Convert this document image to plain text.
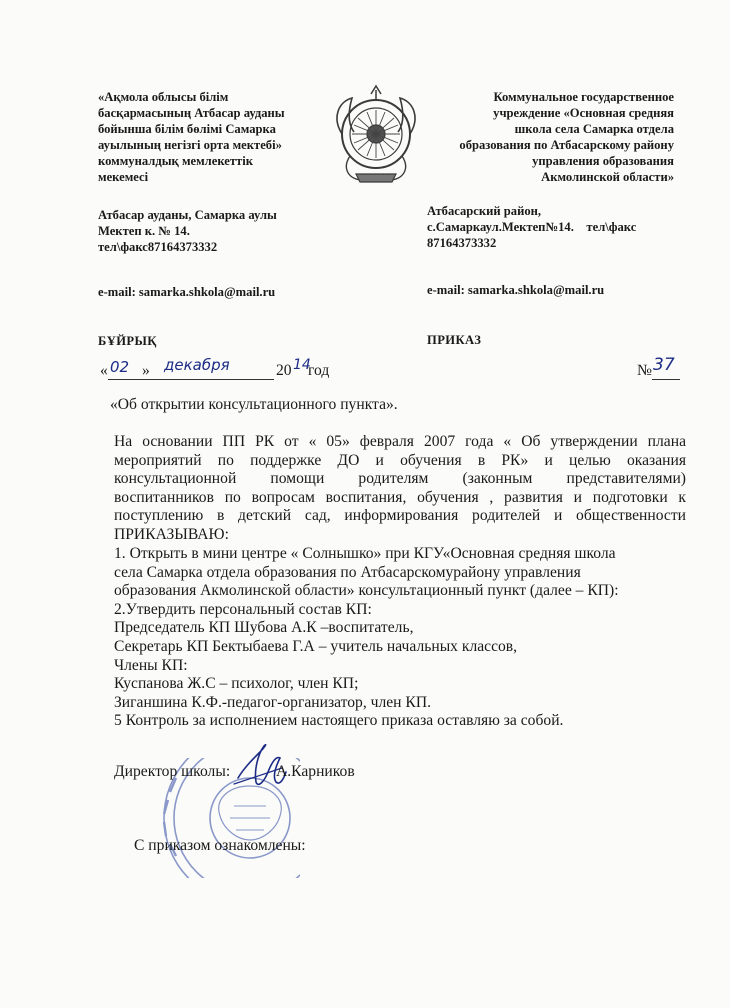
«Ақмола облысы білім
басқармасының Атбасар ауданы
бойынша білім бөлімі Самарка
ауылының негізгі орта мектебі»
коммуналдық мемлекеттік
мекемесі
Коммунальное государственное
учреждение «Основная средняя
школа села Самарка отдела
образования по Атбасарскому району
управления образования
Акмолинской области»
Атбасар ауданы, Самарка аулы
Мектеп к. № 14.
тел\факс87164373332
Атбасарский район,
с.Самаркаул.Мектеп№14.    тел\факс
87164373332
e-mail: samarka.shkola@mail.ru	e-mail: samarka.shkola@mail.ru
БҰЙРЫҚ	ПРИКАЗ
« 02 » декабря	20 14
год	№ 37
«Об открытии консультационного пункта».
На основании ПП РК от « 05» февраля 2007 года « Об утверждении плана
мероприятий по поддержке ДО и обучения в РК» и целью оказания
консультационной помощи родителям (законным представителями)
воспитанников по вопросам воспитания, обучения , развития и подготовки к
поступлению в детский сад, информирования родителей и общественности
ПРИКАЗЫВАЮ:
1. Открыть в мини центре « Солнышко» при КГУ«Основная средняя школа
села Самарка отдела образования по Атбасарскомурайону управления
образования Акмолинской области» консультационный пункт (далее – КП):
2.Утвердить персональный состав КП:
Председатель КП Шубова А.К –воспитатель,
Секретарь КП Бектыбаева Г.А – учитель начальных классов,
Члены КП:
Куспанова Ж.С – психолог, член КП;
Зиганшина К.Ф.-педагог-организатор, член КП.
5 Контроль за исполнением настоящего приказа оставляю за собой.
Директор школы:	А.Карников
С приказом ознакомлены:
